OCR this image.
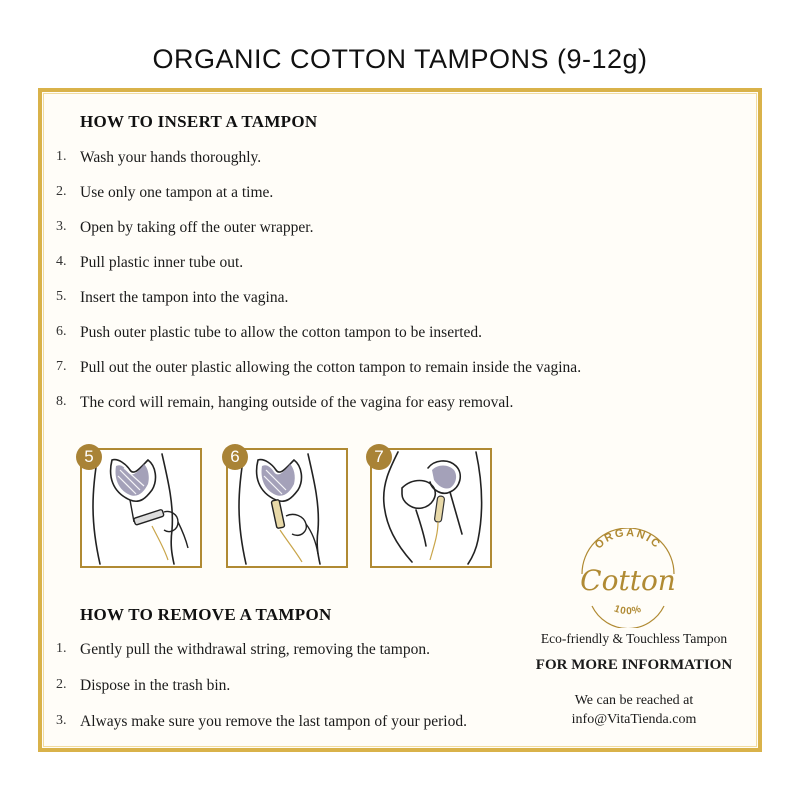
ORGANIC COTTON TAMPONS (9-12g)
HOW TO INSERT A TAMPON
1. Wash your hands thoroughly.
2. Use only one tampon at a time.
3. Open by taking off the outer wrapper.
4. Pull plastic inner tube out.
5. Insert the tampon into the vagina.
6. Push outer plastic tube to allow the cotton tampon to be inserted.
7. Pull out the outer plastic allowing the cotton tampon to remain inside the vagina.
8. The cord will remain, hanging outside of the vagina for easy removal.
5	6	7
HOW TO REMOVE A TAMPON
1. Gently pull the withdrawal string, removing the tampon.
2. Dispose in the trash bin.
3. Always make sure you remove the last tampon of your period.
ORGANIC
Cotton
100%
Eco-friendly & Touchless Tampon
FOR MORE INFORMATION
We can be reached at
info@VitaTienda.com
